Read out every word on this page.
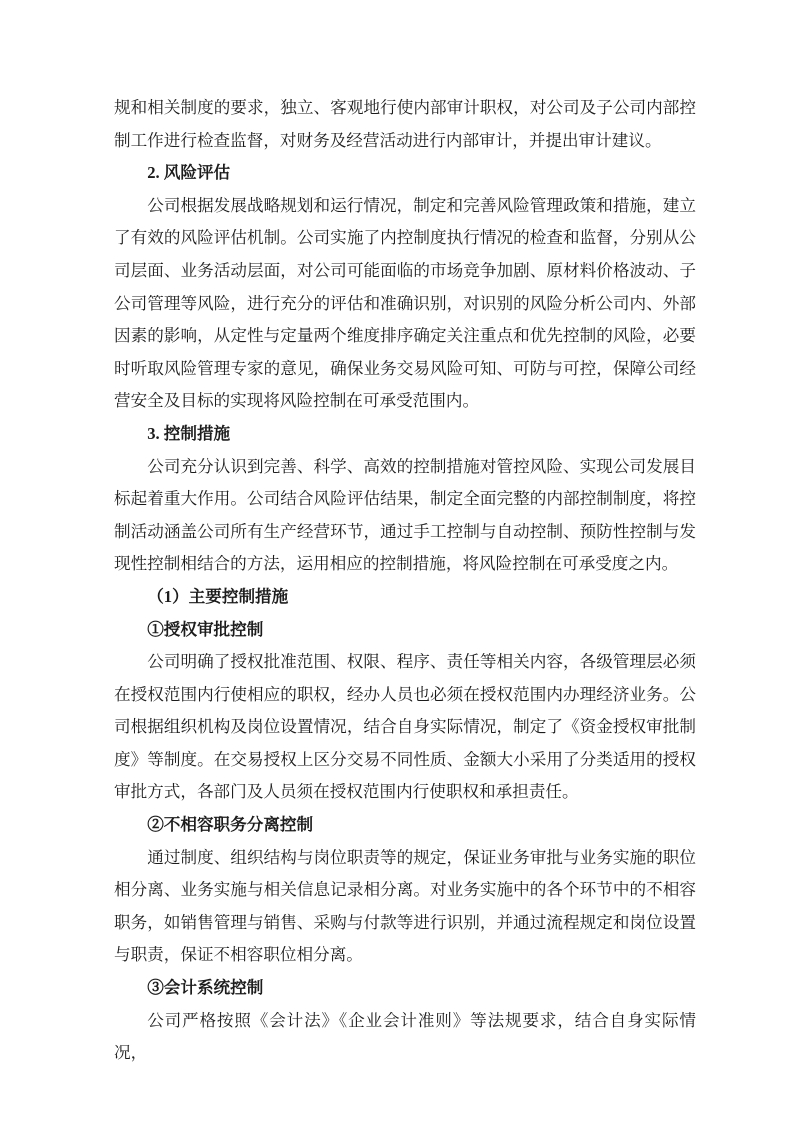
规和相关制度的要求，独立、客观地行使内部审计职权，对公司及子公司内部控制工作进行检查监督，对财务及经营活动进行内部审计，并提出审计建议。

2. 风险评估

公司根据发展战略规划和运行情况，制定和完善风险管理政策和措施，建立了有效的风险评估机制。公司实施了内控制度执行情况的检查和监督，分别从公司层面、业务活动层面，对公司可能面临的市场竞争加剧、原材料价格波动、子公司管理等风险，进行充分的评估和准确识别，对识别的风险分析公司内、外部因素的影响，从定性与定量两个维度排序确定关注重点和优先控制的风险，必要时听取风险管理专家的意见，确保业务交易风险可知、可防与可控，保障公司经营安全及目标的实现将风险控制在可承受范围内。

3. 控制措施

公司充分认识到完善、科学、高效的控制措施对管控风险、实现公司发展目标起着重大作用。公司结合风险评估结果，制定全面完整的内部控制制度，将控制活动涵盖公司所有生产经营环节，通过手工控制与自动控制、预防性控制与发现性控制相结合的方法，运用相应的控制措施，将风险控制在可承受度之内。

（1）主要控制措施

①授权审批控制

公司明确了授权批准范围、权限、程序、责任等相关内容，各级管理层必须在授权范围内行使相应的职权，经办人员也必须在授权范围内办理经济业务。公司根据组织机构及岗位设置情况，结合自身实际情况，制定了《资金授权审批制度》等制度。在交易授权上区分交易不同性质、金额大小采用了分类适用的授权审批方式，各部门及人员须在授权范围内行使职权和承担责任。

②不相容职务分离控制

通过制度、组织结构与岗位职责等的规定，保证业务审批与业务实施的职位相分离、业务实施与相关信息记录相分离。对业务实施中的各个环节中的不相容职务，如销售管理与销售、采购与付款等进行识别，并通过流程规定和岗位设置与职责，保证不相容职位相分离。

③会计系统控制

公司严格按照《会计法》《企业会计准则》等法规要求，结合自身实际情况，
